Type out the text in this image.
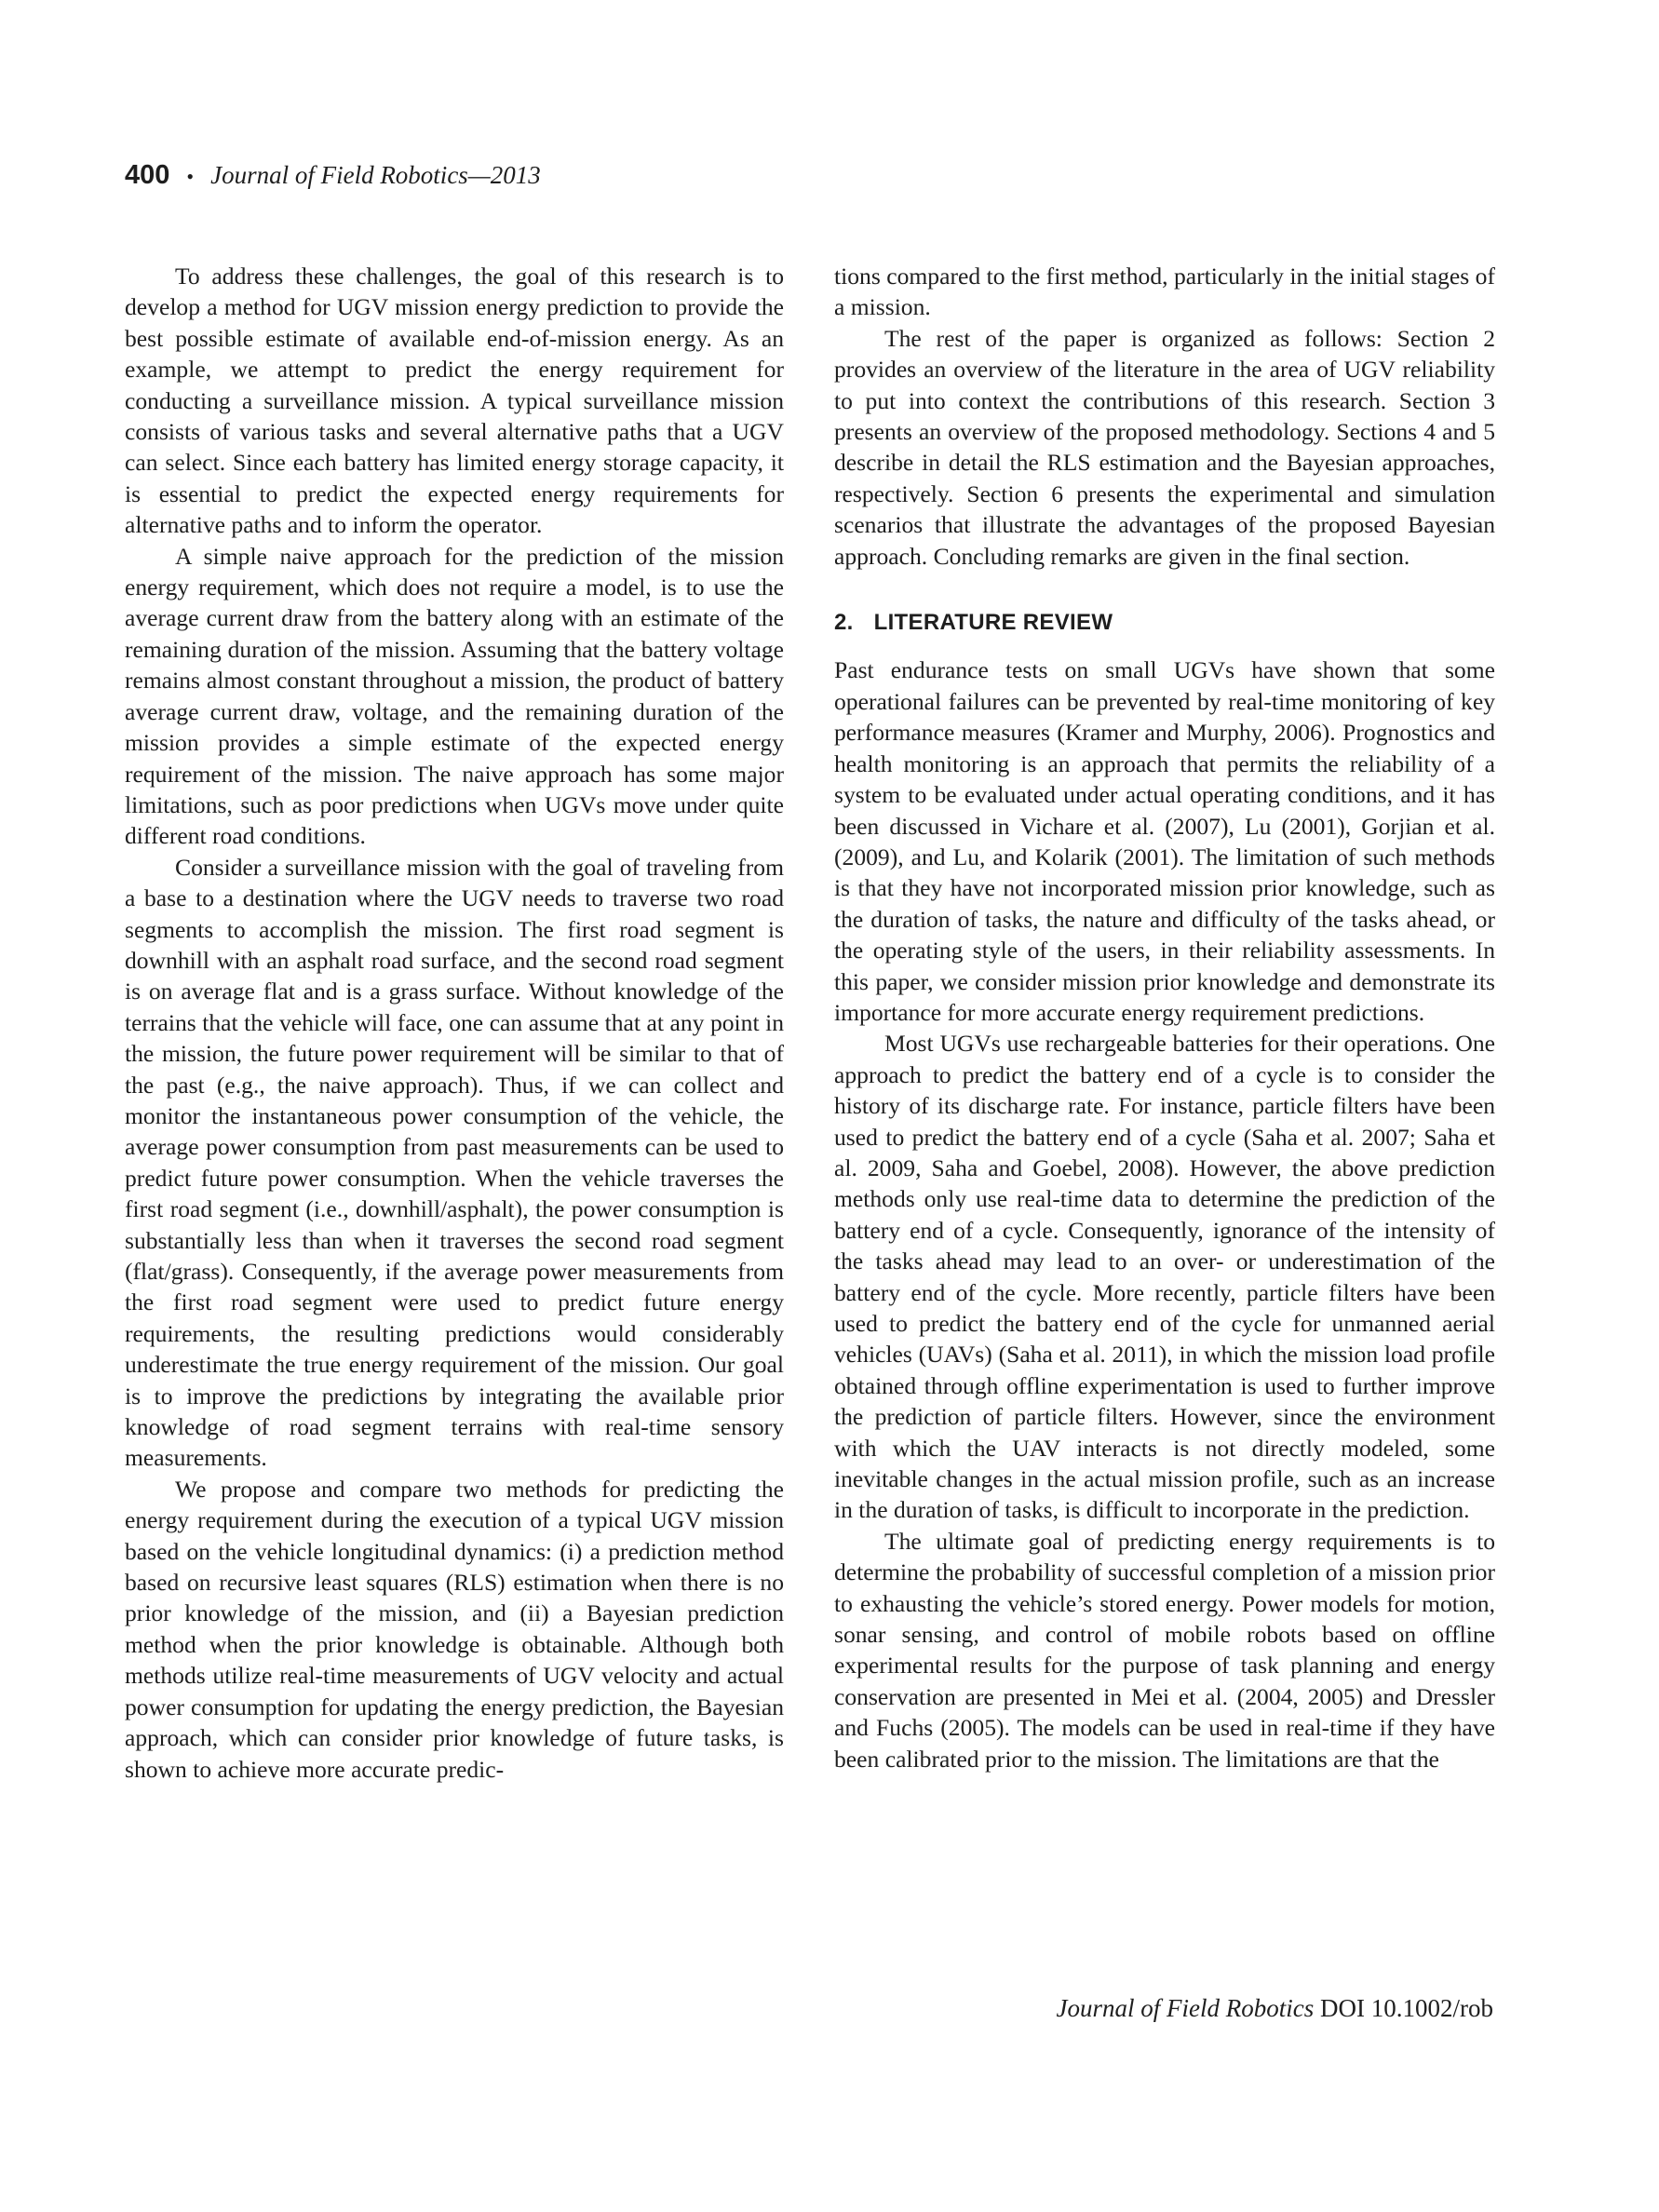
400 • Journal of Field Robotics—2013

To address these challenges, the goal of this research is to develop a method for UGV mission energy prediction to provide the best possible estimate of available end-of-mission energy. As an example, we attempt to predict the energy requirement for conducting a surveillance mission. A typical surveillance mission consists of various tasks and several alternative paths that a UGV can select. Since each battery has limited energy storage capacity, it is essential to predict the expected energy requirements for alternative paths and to inform the operator.

A simple naive approach for the prediction of the mission energy requirement, which does not require a model, is to use the average current draw from the battery along with an estimate of the remaining duration of the mission. Assuming that the battery voltage remains almost constant throughout a mission, the product of battery average current draw, voltage, and the remaining duration of the mission provides a simple estimate of the expected energy requirement of the mission. The naive approach has some major limitations, such as poor predictions when UGVs move under quite different road conditions.

Consider a surveillance mission with the goal of traveling from a base to a destination where the UGV needs to traverse two road segments to accomplish the mission. The first road segment is downhill with an asphalt road surface, and the second road segment is on average flat and is a grass surface. Without knowledge of the terrains that the vehicle will face, one can assume that at any point in the mission, the future power requirement will be similar to that of the past (e.g., the naive approach). Thus, if we can collect and monitor the instantaneous power consumption of the vehicle, the average power consumption from past measurements can be used to predict future power consumption. When the vehicle traverses the first road segment (i.e., downhill/asphalt), the power consumption is substantially less than when it traverses the second road segment (flat/grass). Consequently, if the average power measurements from the first road segment were used to predict future energy requirements, the resulting predictions would considerably underestimate the true energy requirement of the mission. Our goal is to improve the predictions by integrating the available prior knowledge of road segment terrains with real-time sensory measurements.

We propose and compare two methods for predicting the energy requirement during the execution of a typical UGV mission based on the vehicle longitudinal dynamics: (i) a prediction method based on recursive least squares (RLS) estimation when there is no prior knowledge of the mission, and (ii) a Bayesian prediction method when the prior knowledge is obtainable. Although both methods utilize real-time measurements of UGV velocity and actual power consumption for updating the energy prediction, the Bayesian approach, which can consider prior knowledge of future tasks, is shown to achieve more accurate predic-

tions compared to the first method, particularly in the initial stages of a mission.

The rest of the paper is organized as follows: Section 2 provides an overview of the literature in the area of UGV reliability to put into context the contributions of this research. Section 3 presents an overview of the proposed methodology. Sections 4 and 5 describe in detail the RLS estimation and the Bayesian approaches, respectively. Section 6 presents the experimental and simulation scenarios that illustrate the advantages of the proposed Bayesian approach. Concluding remarks are given in the final section.

2. LITERATURE REVIEW

Past endurance tests on small UGVs have shown that some operational failures can be prevented by real-time monitoring of key performance measures (Kramer and Murphy, 2006). Prognostics and health monitoring is an approach that permits the reliability of a system to be evaluated under actual operating conditions, and it has been discussed in Vichare et al. (2007), Lu (2001), Gorjian et al. (2009), and Lu, and Kolarik (2001). The limitation of such methods is that they have not incorporated mission prior knowledge, such as the duration of tasks, the nature and difficulty of the tasks ahead, or the operating style of the users, in their reliability assessments. In this paper, we consider mission prior knowledge and demonstrate its importance for more accurate energy requirement predictions.

Most UGVs use rechargeable batteries for their operations. One approach to predict the battery end of a cycle is to consider the history of its discharge rate. For instance, particle filters have been used to predict the battery end of a cycle (Saha et al. 2007; Saha et al. 2009, Saha and Goebel, 2008). However, the above prediction methods only use real-time data to determine the prediction of the battery end of a cycle. Consequently, ignorance of the intensity of the tasks ahead may lead to an over- or underestimation of the battery end of the cycle. More recently, particle filters have been used to predict the battery end of the cycle for unmanned aerial vehicles (UAVs) (Saha et al. 2011), in which the mission load profile obtained through offline experimentation is used to further improve the prediction of particle filters. However, since the environment with which the UAV interacts is not directly modeled, some inevitable changes in the actual mission profile, such as an increase in the duration of tasks, is difficult to incorporate in the prediction.

The ultimate goal of predicting energy requirements is to determine the probability of successful completion of a mission prior to exhausting the vehicle’s stored energy. Power models for motion, sonar sensing, and control of mobile robots based on offline experimental results for the purpose of task planning and energy conservation are presented in Mei et al. (2004, 2005) and Dressler and Fuchs (2005). The models can be used in real-time if they have been calibrated prior to the mission. The limitations are that the

Journal of Field Robotics DOI 10.1002/rob
